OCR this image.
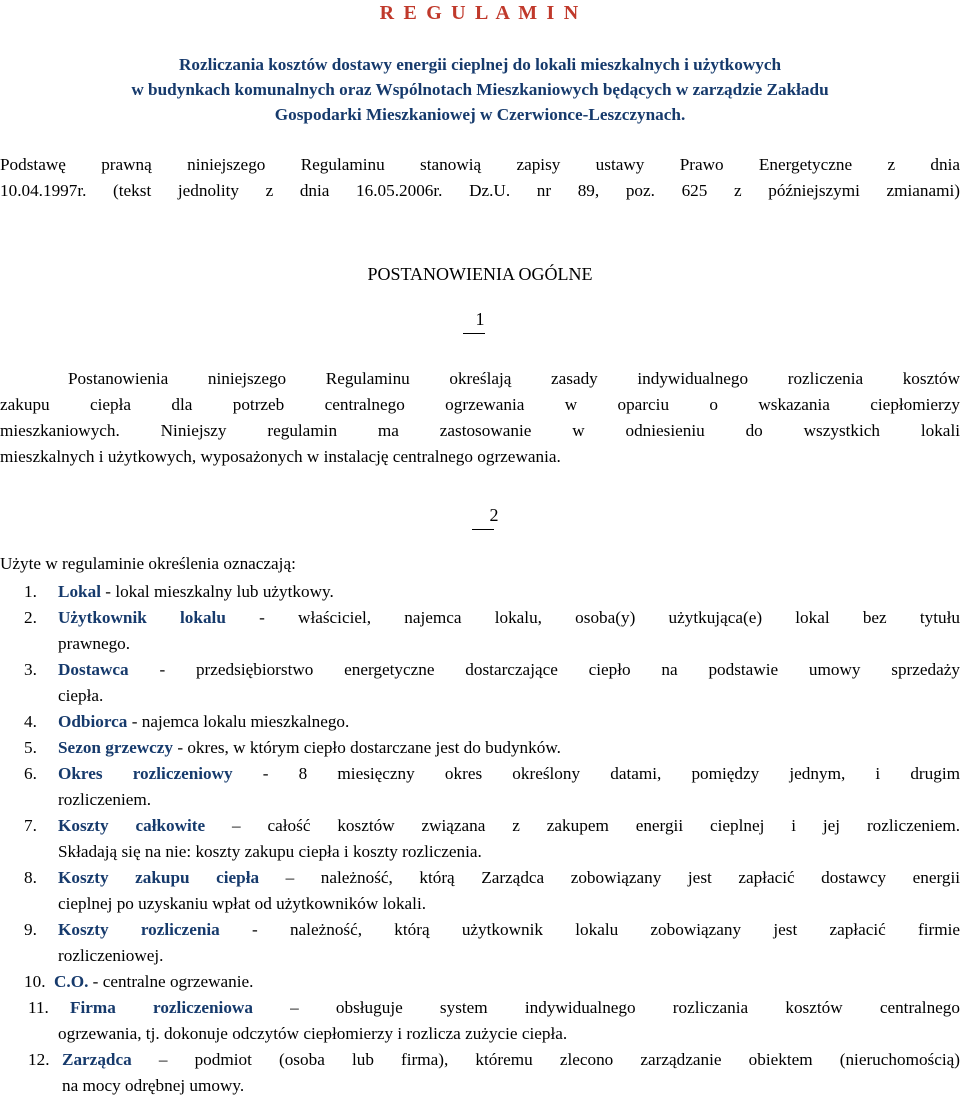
R E G U L A M I N
Rozliczania kosztów dostawy energii cieplnej do lokali mieszkalnych i użytkowych
w budynkach komunalnych oraz Wspólnotach Mieszkaniowych będących w zarządzie Zakładu
Gospodarki Mieszkaniowej w Czerwionce-Leszczynach.
Podstawę prawną niniejszego Regulaminu stanowią zapisy ustawy Prawo Energetyczne z dnia
10.04.1997r. (tekst jednolity z dnia 16.05.2006r. Dz.U. nr 89, poz. 625 z późniejszymi zmianami)
POSTANOWIENIA OGÓLNE
1
Postanowienia niniejszego Regulaminu określają zasady indywidualnego rozliczenia kosztów
zakupu ciepła dla potrzeb centralnego ogrzewania w oparciu o wskazania ciepłomierzy
mieszkaniowych. Niniejszy regulamin ma zastosowanie w odniesieniu do wszystkich lokali
mieszkalnych i użytkowych, wyposażonych w instalację centralnego ogrzewania.
2
Użyte w regulaminie określenia oznaczają:
1. Lokal - lokal mieszkalny lub użytkowy.
2. Użytkownik lokalu - właściciel, najemca lokalu, osoba(y) użytkująca(e) lokal bez tytułu
prawnego.
3. Dostawca - przedsiębiorstwo energetyczne dostarczające ciepło na podstawie umowy sprzedaży
ciepła.
4. Odbiorca - najemca lokalu mieszkalnego.
5. Sezon grzewczy - okres, w którym ciepło dostarczane jest do budynków.
6. Okres rozliczeniowy - 8 miesięczny okres określony datami, pomiędzy jednym, i drugim
rozliczeniem.
7. Koszty całkowite – całość kosztów związana z zakupem energii cieplnej i jej rozliczeniem.
Składają się na nie: koszty zakupu ciepła i koszty rozliczenia.
8. Koszty zakupu ciepła – należność, którą Zarządca zobowiązany jest zapłacić dostawcy energii
cieplnej po uzyskaniu wpłat od użytkowników lokali.
9. Koszty rozliczenia - należność, którą użytkownik lokalu zobowiązany jest zapłacić firmie
rozliczeniowej.
10. C.O. - centralne ogrzewanie.
11. Firma rozliczeniowa – obsługuje system indywidualnego rozliczania kosztów centralnego
ogrzewania, tj. dokonuje odczytów ciepłomierzy i rozlicza zużycie ciepła.
12. Zarządca – podmiot (osoba lub firma), któremu zlecono zarządzanie obiektem (nieruchomością)
na mocy odrębnej umowy.
